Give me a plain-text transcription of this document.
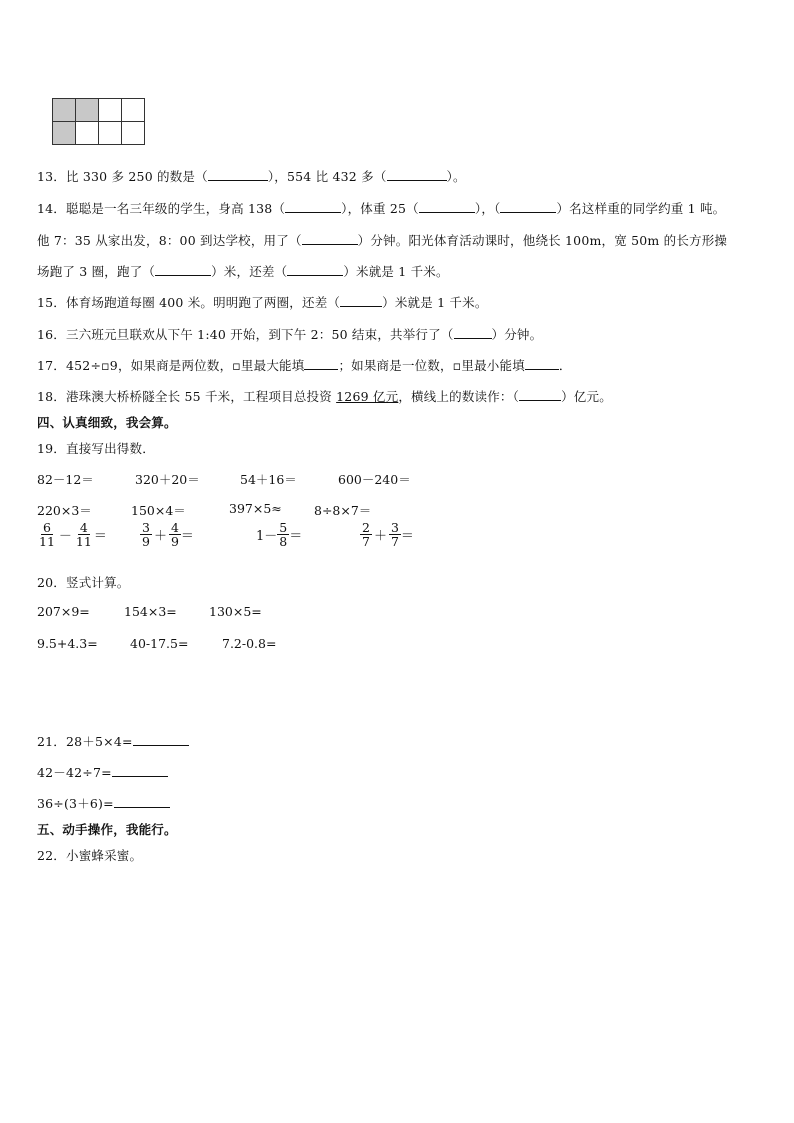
13．比 330 多 250 的数是（	），554 比 432 多（	）。
14．聪聪是一名三年级的学生，身高 138（	），体重 25（	），（	）名这样重的同学约重 1 吨。
他 7：35 从家出发，8：00 到达学校，用了（	）分钟。阳光体育活动课时，他绕长 100m，宽 50m 的长方形操
场跑了 3 圈，跑了（	）米，还差（	）米就是 1 千米。
15．体育场跑道每圈 400 米。明明跑了两圈，还差（	）米就是 1 千米。
16．三六班元旦联欢从下午 1:40 开始，到下午 2：50 结束，共举行了（	）分钟。
17．452÷▫9，如果商是两位数，▫里最大能填	；如果商是一位数，▫里最小能填	．
18．港珠澳大桥桥隧全长 55 千米，工程项目总投资 1269 亿元，横线上的数读作：（	）亿元。
四、认真细致，我会算。
19．直接写出得数．
82－12＝	320＋20＝	54＋16＝	600－240＝
220×3＝	150×4＝	397×5≈	8÷8×7＝
$\frac{6}{11} - \frac{4}{11}$ ＝	$\frac{3}{9} + \frac{4}{9}$ ＝	$1- \frac{5}{8}$ ＝	$\frac{2}{7} + \frac{3}{7}$ ＝
20．竖式计算。
207×9=	154×3=	130×5=
9.5+4.3=	40-17.5=	7.2-0.8=
21．28＋5×4=
42－42÷7=
36÷(3＋6)=
五、动手操作，我能行。
22．小蜜蜂采蜜。
